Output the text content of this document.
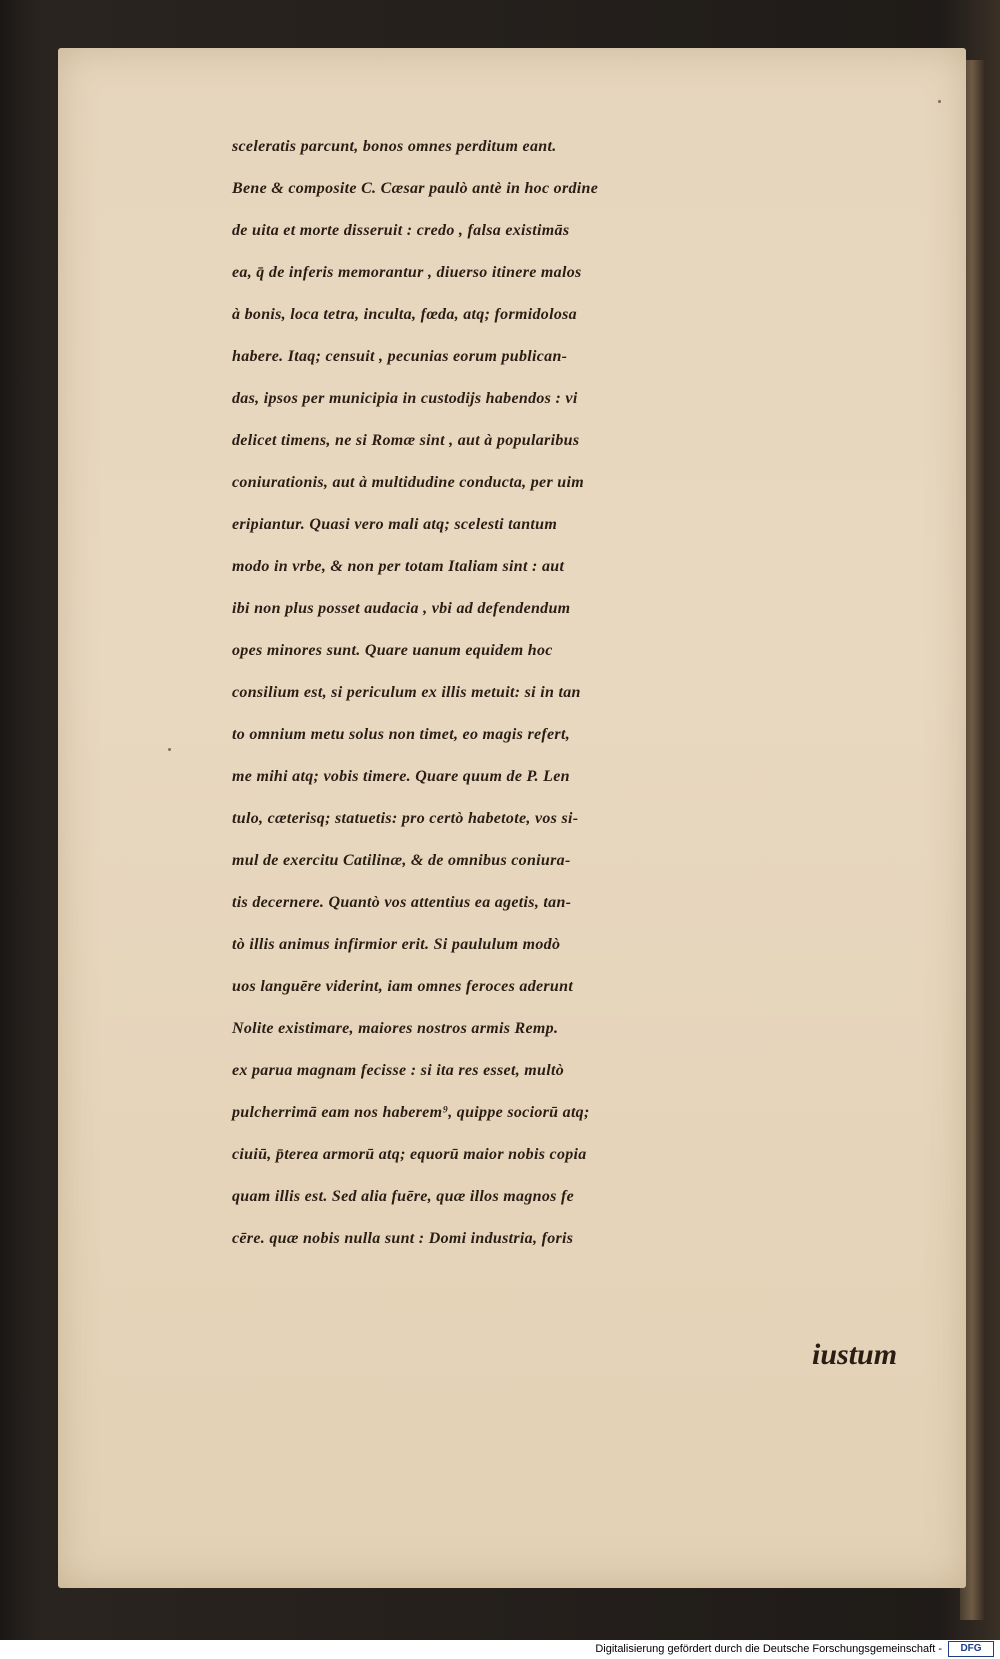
sceleratis parcunt, bonos omnes perditum eant.
Bene & composite C. Cæsar paulò antè in hoc ordine
de uita et morte disseruit : credo , falsa existimās
ea, q̄ de inferis memorantur , diuerso itinere malos
à bonis, loca tetra, inculta, fœda, atq; formidolosa
habere. Itaq; censuit , pecunias eorum publican-
das, ipsos per municipia in custodijs habendos : vi
delicet timens, ne si Romæ sint , aut à popularibus
coniurationis, aut à multidudine conducta, per uim
eripiantur. Quasi vero mali atq; scelesti tantum
modo in vrbe, & non per totam Italiam sint : aut
ibi non plus posset audacia , vbi ad defendendum
opes minores sunt. Quare uanum equidem hoc
consilium est, si periculum ex illis metuit: si in tan
to omnium metu solus non timet, eo magis refert,
me mihi atq; vobis timere. Quare quum de P. Len
tulo, cæterisq; statuetis: pro certò habetote, vos si-
mul de exercitu Catilinæ, & de omnibus coniura-
tis decernere. Quantò vos attentius ea agetis, tan-
tò illis animus infirmior erit. Si paululum modò
uos languēre viderint, iam omnes feroces aderunt
Nolite existimare, maiores nostros armis Remp.
ex parua magnam fecisse : si ita res esset, multò
pulcherrimā eam nos haberem⁹, quippe sociorū atq;
ciuiū, p̄terea armorū atq; equorū maior nobis copia
quam illis est. Sed alia fuēre, quæ illos magnos fe
cēre. quæ nobis nulla sunt : Domi industria, foris
iustum
Digitalisierung gefördert durch die Deutsche Forschungsgemeinschaft -	DFG
